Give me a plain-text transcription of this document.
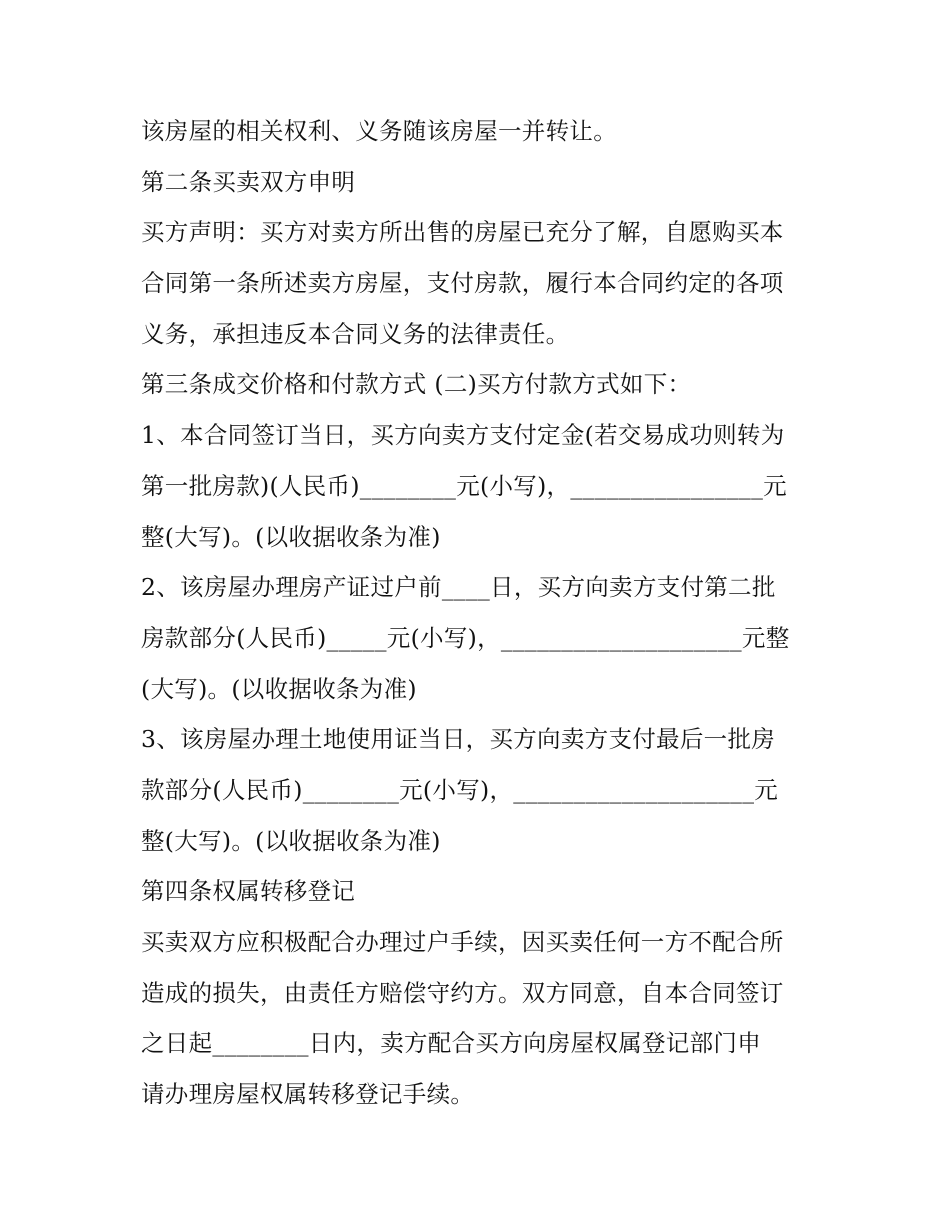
该房屋的相关权利、义务随该房屋一并转让。
第二条买卖双方申明
买方声明：买方对卖方所出售的房屋已充分了解，自愿购买本
合同第一条所述卖方房屋，支付房款，履行本合同约定的各项
义务，承担违反本合同义务的法律责任。
第三条成交价格和付款方式 (二)买方付款方式如下：
1、本合同签订当日，买方向卖方支付定金(若交易成功则转为
第一批房款)(人民币)________元(小写)，________________元
整(大写)。(以收据收条为准)
2、该房屋办理房产证过户前____日，买方向卖方支付第二批
房款部分(人民币)_____元(小写)，____________________元整
(大写)。(以收据收条为准)
3、该房屋办理土地使用证当日，买方向卖方支付最后一批房
款部分(人民币)________元(小写)，____________________元
整(大写)。(以收据收条为准)
第四条权属转移登记
买卖双方应积极配合办理过户手续，因买卖任何一方不配合所
造成的损失，由责任方赔偿守约方。双方同意，自本合同签订
之日起________日内，卖方配合买方向房屋权属登记部门申
请办理房屋权属转移登记手续。
